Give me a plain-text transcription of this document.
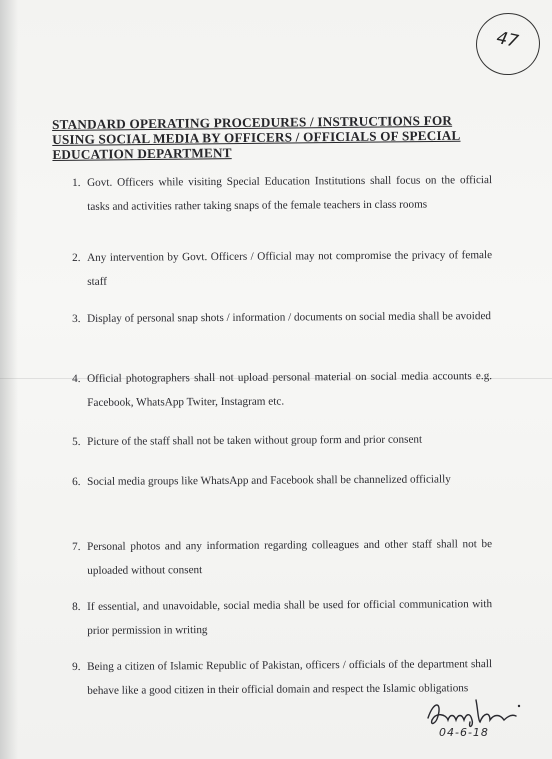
47
STANDARD OPERATING PROCEDURES / INSTRUCTIONS FOR USING SOCIAL MEDIA BY OFFICERS / OFFICIALS OF SPECIAL EDUCATION DEPARTMENT
1. Govt. Officers while visiting Special Education Institutions shall focus on the official tasks and activities rather taking snaps of the female teachers in class rooms
2. Any intervention by Govt. Officers / Official may not compromise the privacy of female staff
3. Display of personal snap shots / information / documents on social media shall be avoided
4. Official photographers shall not upload personal material on social media accounts e.g. Facebook, WhatsApp Twiter, Instagram etc.
5. Picture of the staff shall not be taken without group form and prior consent
6. Social media groups like WhatsApp and Facebook shall be channelized officially
7. Personal photos and any information regarding colleagues and other staff shall not be uploaded without consent
8. If essential, and unavoidable, social media shall be used for official communication with prior permission in writing
9. Being a citizen of Islamic Republic of Pakistan, officers / officials of the department shall behave like a good citizen in their official domain and respect the Islamic obligations
04-6-18
